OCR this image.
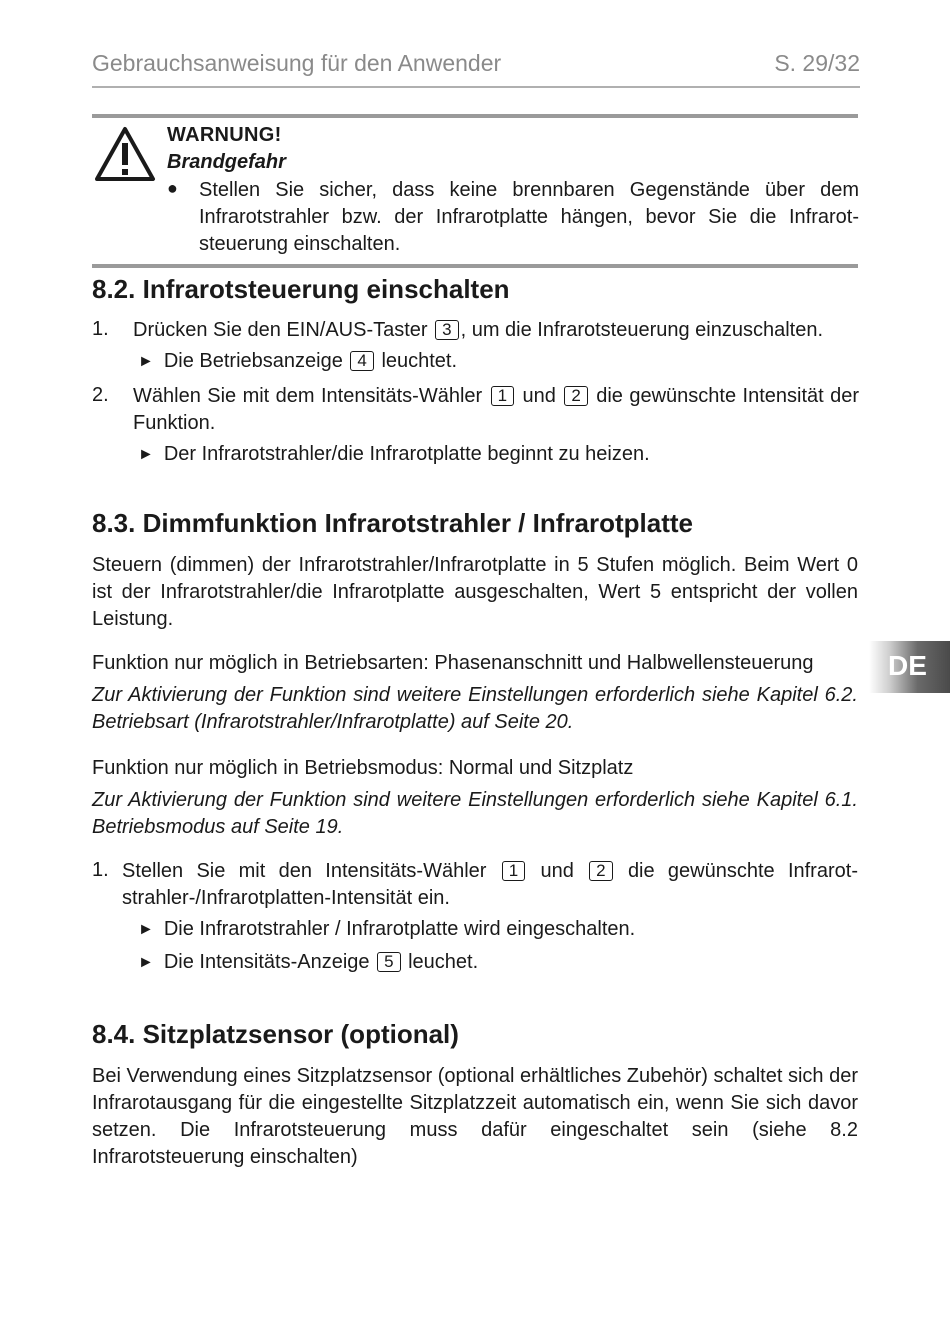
Gebrauchsanweisung für den Anwender	S. 29/32
WARNUNG!
Brandgefahr
● Stellen Sie sicher, dass keine brennbaren Gegenstände über dem Infrarotstrahler bzw. der Infrarotplatte hängen, bevor Sie die Infrarotsteuerung einschalten.
8.2. Infrarotsteuerung einschalten
1. Drücken Sie den EIN/AUS-Taster 3 , um die Infrarotsteuerung einzuschalten.
► Die Betriebsanzeige 4 leuchtet.
2. Wählen Sie mit dem Intensitäts-Wähler 1 und 2 die gewünschte Intensität der Funktion.
► Der Infrarotstrahler/die Infrarotplatte beginnt zu heizen.
8.3. Dimmfunktion Infrarotstrahler / Infrarotplatte
Steuern (dimmen) der Infrarotstrahler/Infrarotplatte in 5 Stufen möglich. Beim Wert 0 ist der Infrarotstrahler/die Infrarotplatte ausgeschalten, Wert 5 entspricht der vollen Leistung.
Funktion nur möglich in Betriebsarten: Phasenanschnitt und Halbwellensteuerung
Zur Aktivierung der Funktion sind weitere Einstellungen erforderlich siehe Kapitel 6.2. Betriebsart (Infrarotstrahler/Infrarotplatte) auf Seite 20.
Funktion nur möglich in Betriebsmodus: Normal und Sitzplatz
Zur Aktivierung der Funktion sind weitere Einstellungen erforderlich siehe Kapitel 6.1. Betriebsmodus auf Seite 19.
1. Stellen Sie mit den Intensitäts-Wähler 1 und 2 die gewünschte Infrarotstrahler-/Infrarotplatten-Intensität ein.
► Die Infrarotstrahler / Infrarotplatte wird eingeschalten.
► Die Intensitäts-Anzeige 5 leuchet.
8.4. Sitzplatzsensor (optional)
Bei Verwendung eines Sitzplatzsensor (optional erhältliches Zubehör) schaltet sich der Infrarotausgang für die eingestellte Sitzplatzzeit automatisch ein, wenn Sie sich davor setzen. Die Infrarotsteuerung muss dafür eingeschaltet sein (siehe 8.2 Infrarotsteuerung einschalten)
DE
